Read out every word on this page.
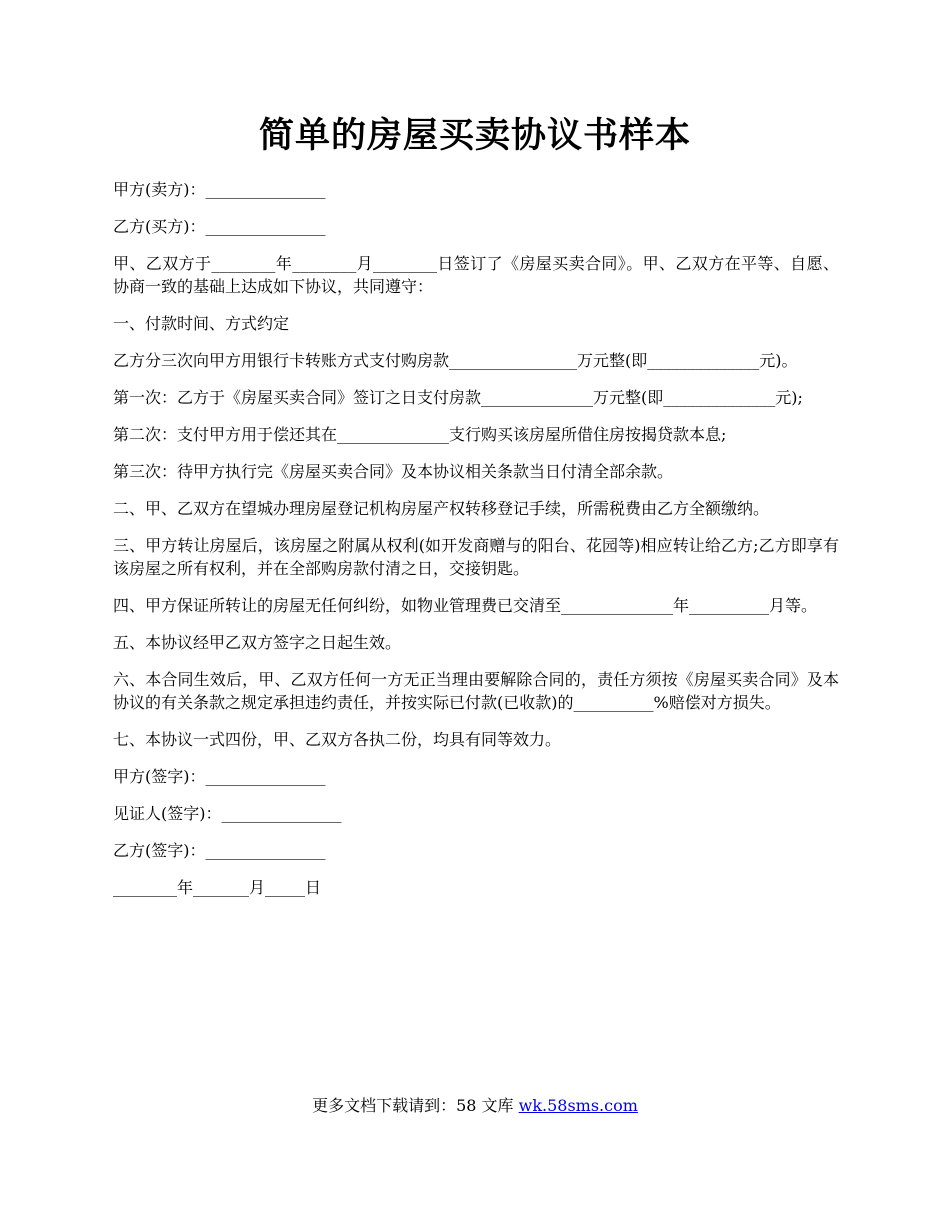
简单的房屋买卖协议书样本

甲方(卖方)：_______________

乙方(买方)：_______________

甲、乙双方于________年________月________日签订了《房屋买卖合同》。甲、乙双方在平等、自愿、协商一致的基础上达成如下协议，共同遵守：

一、付款时间、方式约定

乙方分三次向甲方用银行卡转账方式支付购房款________________万元整(即______________元)。

第一次：乙方于《房屋买卖合同》签订之日支付房款______________万元整(即______________元);

第二次：支付甲方用于偿还其在______________支行购买该房屋所借住房按揭贷款本息;

第三次：待甲方执行完《房屋买卖合同》及本协议相关条款当日付清全部余款。

二、甲、乙双方在望城办理房屋登记机构房屋产权转移登记手续，所需税费由乙方全额缴纳。

三、甲方转让房屋后，该房屋之附属从权利(如开发商赠与的阳台、花园等)相应转让给乙方;乙方即享有该房屋之所有权利，并在全部购房款付清之日，交接钥匙。

四、甲方保证所转让的房屋无任何纠纷，如物业管理费已交清至______________年__________月等。

五、本协议经甲乙双方签字之日起生效。

六、本合同生效后，甲、乙双方任何一方无正当理由要解除合同的，责任方须按《房屋买卖合同》及本协议的有关条款之规定承担违约责任，并按实际已付款(已收款)的__________%赔偿对方损失。

七、本协议一式四份，甲、乙双方各执二份，均具有同等效力。

甲方(签字)：_______________

见证人(签字)：_______________

乙方(签字)：_______________

________年_______月_____日

更多文档下载请到：58 文库 wk.58sms.com
